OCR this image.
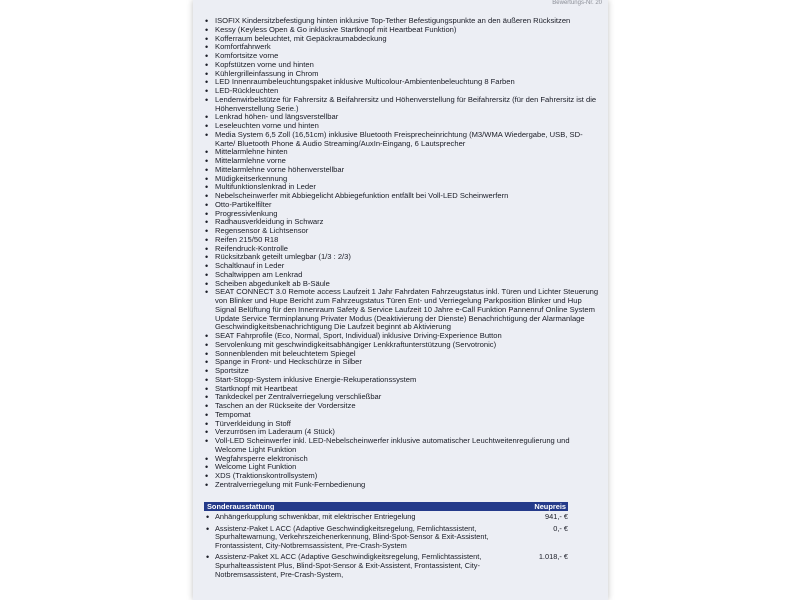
Bewertungs-Nr. 20
• ISOFIX Kindersitzbefestigung hinten inklusive Top-Tether Befestigungspunkte an den äußeren Rücksitzen
• Kessy (Keyless Open & Go inklusive Startknopf mit Heartbeat Funktion)
• Kofferraum beleuchtet, mit Gepäckraumabdeckung
• Komfortfahrwerk
• Komfortsitze vorne
• Kopfstützen vorne und hinten
• Kühlergrilleinfassung in Chrom
• LED Innenraumbeleuchtungspaket inklusive Multicolour-Ambientenbeleuchtung 8 Farben
• LED-Rückleuchten
• Lendenwirbelstütze für Fahrersitz & Beifahrersitz und Höhenverstellung für Beifahrersitz (für den Fahrersitz ist die Höhenverstellung Serie.)
• Lenkrad höhen- und längsverstellbar
• Leseleuchten vorne und hinten
• Media System 6,5 Zoll (16,51cm) inklusive Bluetooth Freisprecheinrichtung (M3/WMA Wiedergabe, USB, SD-Karte/ Bluetooth Phone & Audio Streaming/AuxIn-Eingang, 6 Lautsprecher
• Mittelarmlehne hinten
• Mittelarmlehne vorne
• Mittelarmlehne vorne höhenverstellbar
• Müdigkeitserkennung
• Multifunktionslenkrad in Leder
• Nebelscheinwerfer mit Abbiegelicht Abbiegefunktion entfällt bei Voll-LED Scheinwerfern
• Otto-Partikelfilter
• Progressivlenkung
• Radhausverkleidung in Schwarz
• Regensensor & Lichtsensor
• Reifen 215/50 R18
• Reifendruck-Kontrolle
• Rücksitzbank geteilt umlegbar (1/3 : 2/3)
• Schaltknauf in Leder
• Schaltwippen am Lenkrad
• Scheiben abgedunkelt ab B-Säule
• SEAT CONNECT 3.0 Remote access Laufzeit 1 Jahr Fahrdaten Fahrzeugstatus inkl. Türen und Lichter Steuerung von Blinker und Hupe Bericht zum Fahrzeugstatus Türen Ent- und Verriegelung Parkposition Blinker und Hup Signal Belüftung für den Innenraum Safety & Service Laufzeit 10 Jahre e-Call Funktion Pannenruf Online System Update Service Terminplanung Privater Modus (Deaktivierung der Dienste) Benachrichtigung der Alarmanlage Geschwindigkeitsbenachrichtigung Die Laufzeit beginnt ab Aktivierung
• SEAT Fahrprofile (Eco, Normal, Sport, Individual) inklusive Driving-Experience Button
• Servolenkung mit geschwindigkeitsabhängiger Lenkkraftunterstützung (Servotronic)
• Sonnenblenden mit beleuchtetem Spiegel
• Spange in Front- und Heckschürze in Silber
• Sportsitze
• Start-Stopp-System inklusive Energie-Rekuperationssystem
• Startknopf mit Heartbeat
• Tankdeckel per Zentralverriegelung verschließbar
• Taschen an der Rückseite der Vordersitze
• Tempomat
• Türverkleidung in Stoff
• Verzurrösen im Laderaum (4 Stück)
• Voll-LED Scheinwerfer inkl. LED-Nebelscheinwerfer inklusive automatischer Leuchtweitenregulierung und Welcome Light Funktion
• Wegfahrsperre elektronisch
• Welcome Light Funktion
• XDS (Traktionskontrollsystem)
• Zentralverriegelung mit Funk-Fernbedienung
Sonderausstattung	Neupreis
• Anhängerkupplung schwenkbar, mit elektrischer Entriegelung	941,- €
• Assistenz-Paket L ACC (Adaptive Geschwindigkeitsregelung, Fernlichtassistent, Spurhaltewarnung, Verkehrszeichenerkennung, Blind-Spot-Sensor & Exit-Assistent, Frontassistent, City-Notbremsassistent, Pre-Crash-System
0,- €
• Assistenz-Paket XL ACC (Adaptive Geschwindigkeitsregelung, Fernlichtassistent, Spurhalteassistent Plus, Blind-Spot-Sensor & Exit-Assistent, Frontassistent, City-Notbremsassistent, Pre-Crash-System,
1.018,- €
